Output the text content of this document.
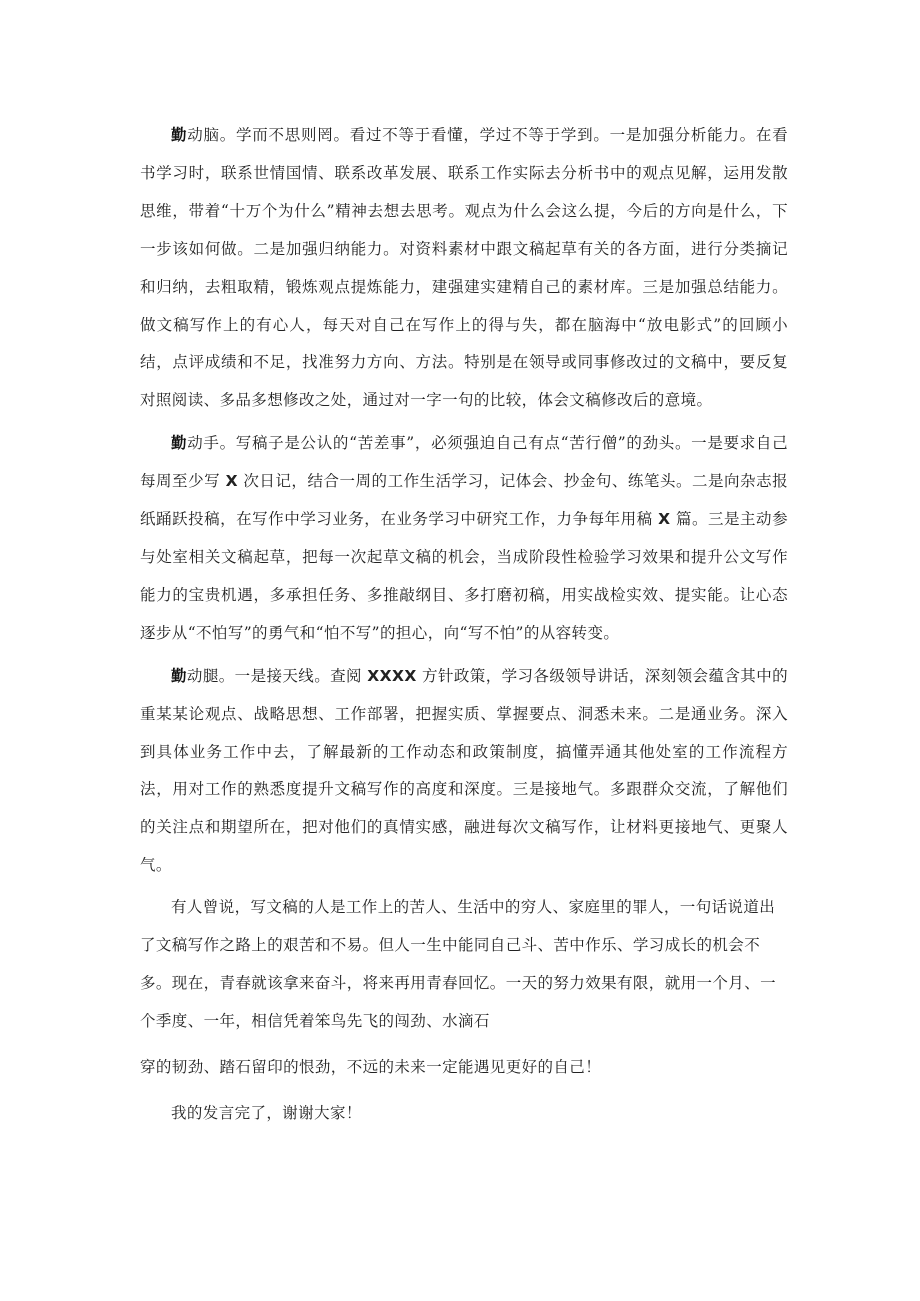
勤动脑。学而不思则罔。看过不等于看懂，学过不等于学到。一是加强分析能力。在看书学习时，联系世情国情、联系改革发展、联系工作实际去分析书中的观点见解，运用发散思维，带着“十万个为什么”精神去想去思考。观点为什么会这么提，今后的方向是什么，下一步该如何做。二是加强归纳能力。对资料素材中跟文稿起草有关的各方面，进行分类摘记和归纳，去粗取精，锻炼观点提炼能力，建强建实建精自己的素材库。三是加强总结能力。做文稿写作上的有心人，每天对自己在写作上的得与失，都在脑海中“放电影式”的回顾小结，点评成绩和不足，找准努力方向、方法。特别是在领导或同事修改过的文稿中，要反复对照阅读、多品多想修改之处，通过对一字一句的比较，体会文稿修改后的意境。

勤动手。写稿子是公认的“苦差事”，必须强迫自己有点“苦行僧”的劲头。一是要求自己每周至少写 X 次日记，结合一周的工作生活学习，记体会、抄金句、练笔头。二是向杂志报纸踊跃投稿，在写作中学习业务，在业务学习中研究工作，力争每年用稿 X 篇。三是主动参与处室相关文稿起草，把每一次起草文稿的机会，当成阶段性检验学习效果和提升公文写作能力的宝贵机遇，多承担任务、多推敲纲目、多打磨初稿，用实战检实效、提实能。让心态逐步从“不怕写”的勇气和“怕不写”的担心，向“写不怕”的从容转变。

勤动腿。一是接天线。查阅 XXXX 方针政策，学习各级领导讲话，深刻领会蕴含其中的重某某论观点、战略思想、工作部署，把握实质、掌握要点、洞悉未来。二是通业务。深入到具体业务工作中去，了解最新的工作动态和政策制度，搞懂弄通其他处室的工作流程方法，用对工作的熟悉度提升文稿写作的高度和深度。三是接地气。多跟群众交流，了解他们的关注点和期望所在，把对他们的真情实感，融进每次文稿写作，让材料更接地气、更聚人气。

有人曾说，写文稿的人是工作上的苦人、生活中的穷人、家庭里的罪人，一句话说道出了文稿写作之路上的艰苦和不易。但人一生中能同自己斗、苦中作乐、学习成长的机会不多。现在，青春就该拿来奋斗，将来再用青春回忆。一天的努力效果有限，就用一个月、一个季度、一年，相信凭着笨鸟先飞的闯劲、水滴石

穿的韧劲、踏石留印的恨劲，不远的未来一定能遇见更好的自己！

我的发言完了，谢谢大家！
